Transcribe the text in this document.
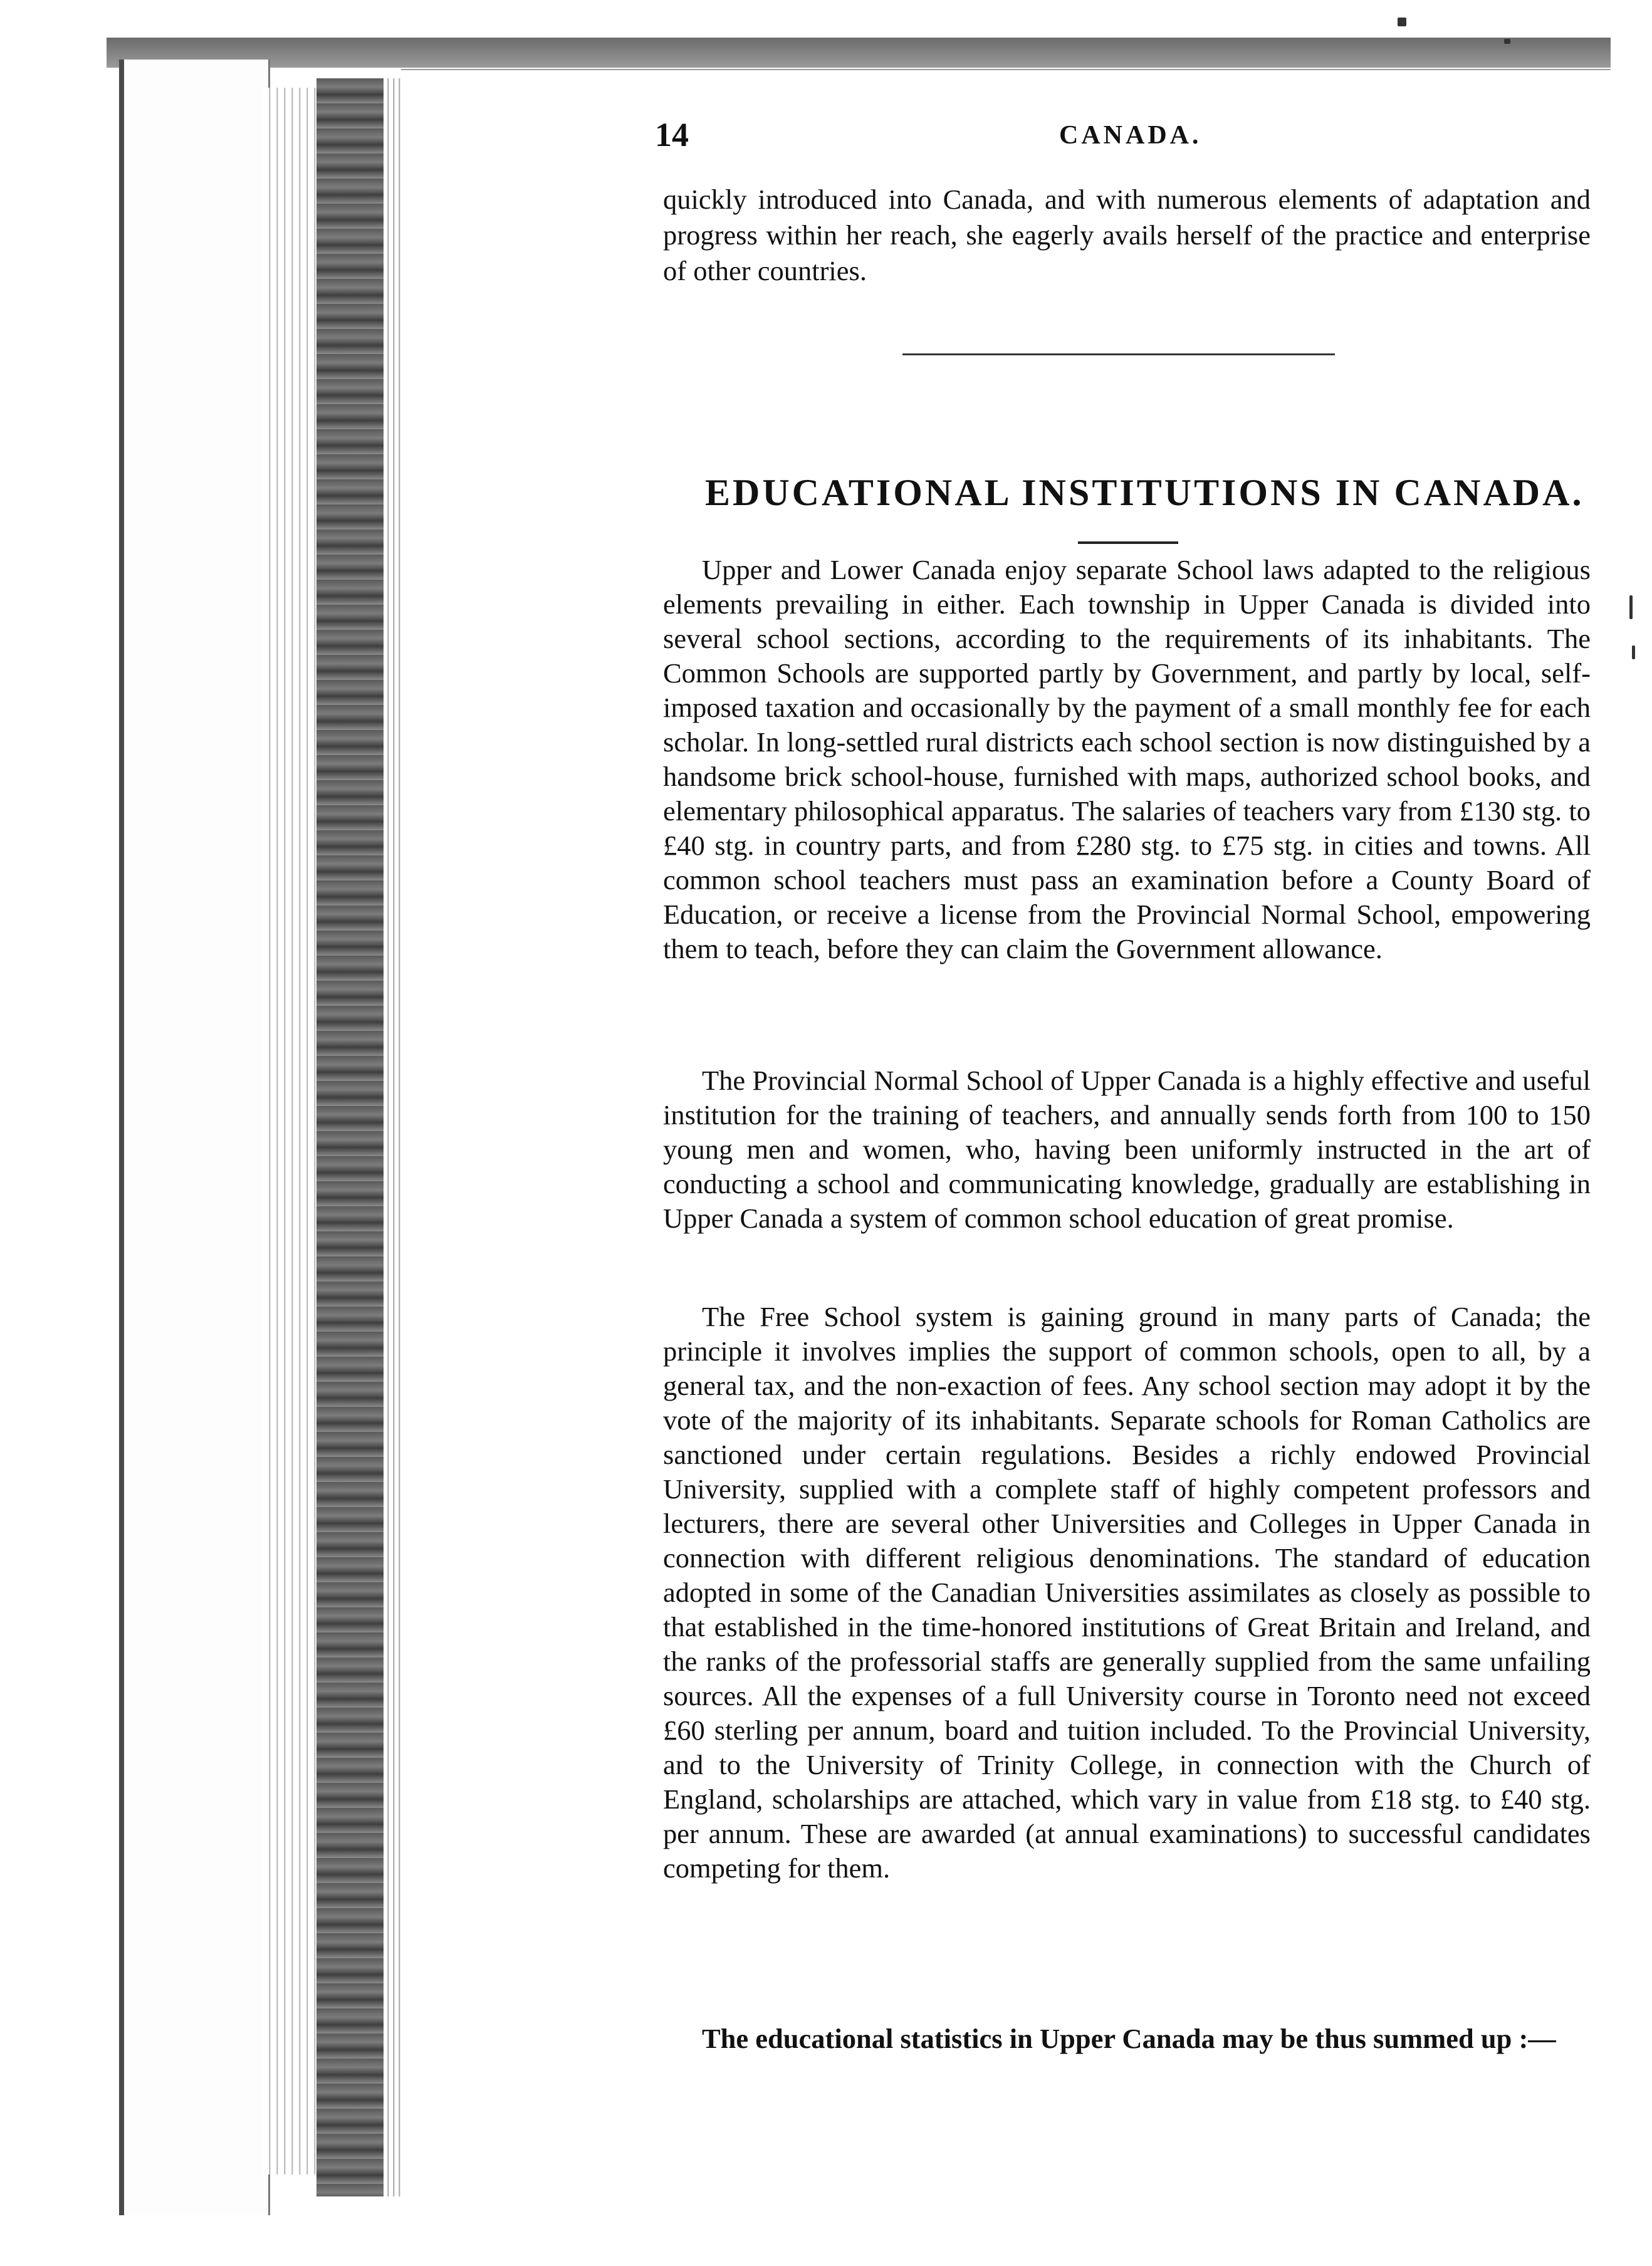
14	CANADA.

quickly introduced into Canada, and with numerous elements of adaptation and progress within her reach, she eagerly avails herself of the practice and enterprise of other countries.

EDUCATIONAL INSTITUTIONS IN CANADA.

Upper and Lower Canada enjoy separate School laws adapted to the religious elements prevailing in either. Each township in Upper Canada is divided into several school sections, according to the requirements of its inhabitants. The Common Schools are supported partly by Government, and partly by local, self-imposed taxation and occasionally by the payment of a small monthly fee for each scholar. In long-settled rural districts each school section is now distinguished by a handsome brick school-house, furnished with maps, authorized school books, and elementary philosophical apparatus. The salaries of teachers vary from £130 stg. to £40 stg. in country parts, and from £280 stg. to £75 stg. in cities and towns. All common school teachers must pass an examination before a County Board of Education, or receive a license from the Provincial Normal School, empowering them to teach, before they can claim the Government allowance.

The Provincial Normal School of Upper Canada is a highly effective and useful institution for the training of teachers, and annually sends forth from 100 to 150 young men and women, who, having been uniformly instructed in the art of conducting a school and communicating knowledge, gradually are establishing in Upper Canada a system of common school education of great promise.

The Free School system is gaining ground in many parts of Canada; the principle it involves implies the support of common schools, open to all, by a general tax, and the non-exaction of fees. Any school section may adopt it by the vote of the majority of its inhabitants. Separate schools for Roman Catholics are sanctioned under certain regulations. Besides a richly endowed Provincial University, supplied with a complete staff of highly competent professors and lecturers, there are several other Universities and Colleges in Upper Canada in connection with different religious denominations. The standard of education adopted in some of the Canadian Universities assimilates as closely as possible to that established in the time-honored institutions of Great Britain and Ireland, and the ranks of the professorial staffs are generally supplied from the same unfailing sources. All the expenses of a full University course in Toronto need not exceed £60 sterling per annum, board and tuition included. To the Provincial University, and to the University of Trinity College, in connection with the Church of England, scholarships are attached, which vary in value from £18 stg. to £40 stg. per annum. These are awarded (at annual examinations) to successful candidates competing for them.

The educational statistics in Upper Canada may be thus summed up :—
